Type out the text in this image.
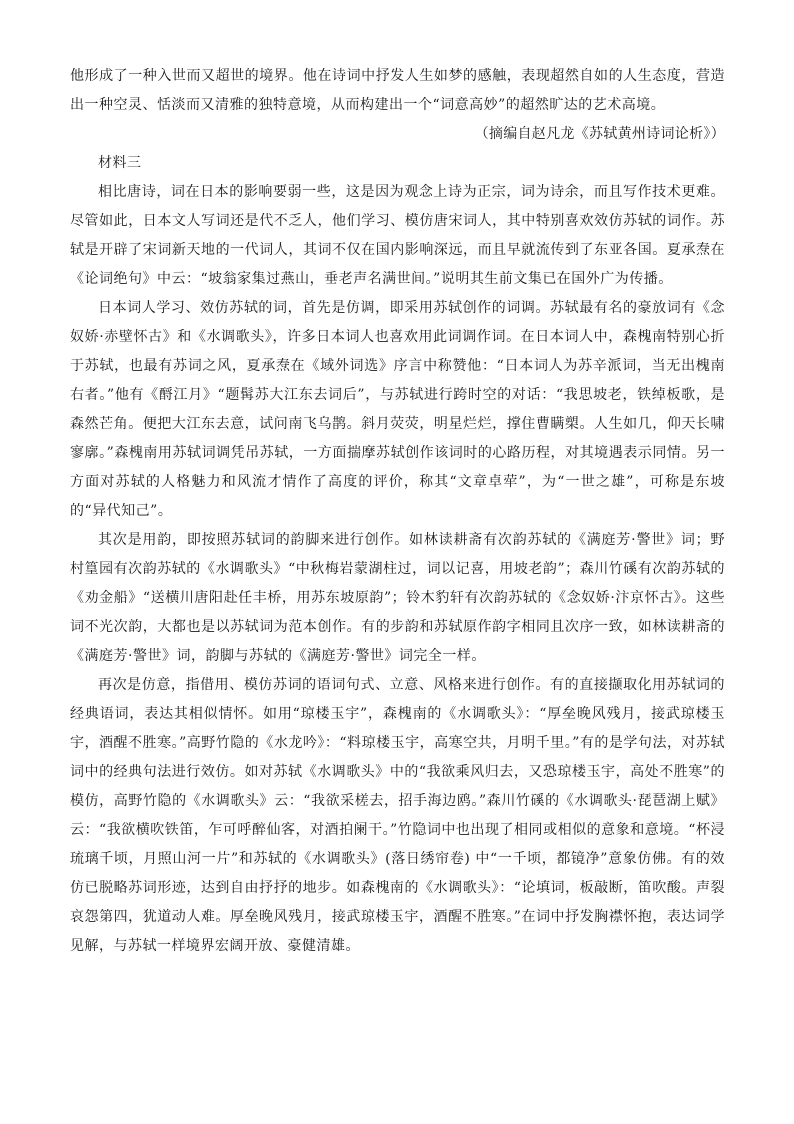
他形成了一种入世而又超世的境界。他在诗词中抒发人生如梦的感触，表现超然自如的人生态度，营造出一种空灵、恬淡而又清雅的独特意境，从而构建出一个“词意高妙”的超然旷达的艺术高境。

（摘编自赵凡龙《苏轼黄州诗词论析》）

材料三

相比唐诗，词在日本的影响要弱一些，这是因为观念上诗为正宗，词为诗余，而且写作技术更难。尽管如此，日本文人写词还是代不乏人，他们学习、模仿唐宋词人，其中特别喜欢效仿苏轼的词作。苏轼是开辟了宋词新天地的一代词人，其词不仅在国内影响深远，而且早就流传到了东亚各国。夏承焘在《论词绝句》中云：“坡翁家集过燕山，垂老声名满世间。”说明其生前文集已在国外广为传播。

日本词人学习、效仿苏轼的词，首先是仿调，即采用苏轼创作的词调。苏轼最有名的豪放词有《念奴娇·赤壁怀古》和《水调歌头》，许多日本词人也喜欢用此词调作词。在日本词人中，森槐南特别心折于苏轼，也最有苏词之风，夏承焘在《域外词选》序言中称赞他：“日本词人为苏辛派词，当无出槐南右者。”他有《酹江月》“题髯苏大江东去词后”，与苏轼进行跨时空的对话：“我思坡老，铁绰板歌，是森然芒角。便把大江东去意，试问南飞乌鹊。斜月荧荧，明星烂烂，撑住曹瞒槊。人生如几，仰天长啸寥廓。”森槐南用苏轼词调凭吊苏轼，一方面揣摩苏轼创作该词时的心路历程，对其境遇表示同情。另一方面对苏轼的人格魅力和风流才情作了高度的评价，称其“文章卓荦”，为“一世之雄”，可称是东坡的“异代知己”。

其次是用韵，即按照苏轼词的韵脚来进行创作。如林读耕斋有次韵苏轼的《满庭芳·警世》词；野村篁园有次韵苏轼的《水调歌头》“中秋梅岩蒙湖柱过，词以记喜，用坡老韵”；森川竹磎有次韵苏轼的《劝金船》“送横川唐阳赴任丰桥，用苏东坡原韵”；铃木豹轩有次韵苏轼的《念奴娇·汴京怀古》。这些词不光次韵，大都也是以苏轼词为范本创作。有的步韵和苏轼原作韵字相同且次序一致，如林读耕斋的《满庭芳·警世》词，韵脚与苏轼的《满庭芳·警世》词完全一样。

再次是仿意，指借用、模仿苏词的语词句式、立意、风格来进行创作。有的直接撷取化用苏轼词的经典语词，表达其相似情怀。如用“琼楼玉宇”，森槐南的《水调歌头》：“厚垒晚风残月，接武琼楼玉宇，酒醒不胜寒。”高野竹隐的《水龙吟》：“料琼楼玉宇，高寒空共，月明千里。”有的是学句法，对苏轼词中的经典句法进行效仿。如对苏轼《水调歌头》中的“我欲乘风归去，又恐琼楼玉宇，高处不胜寒”的模仿，高野竹隐的《水调歌头》云：“我欲采槎去，招手海边鸥。”森川竹磎的《水调歌头·琵琶湖上赋》云：“我欲横吹铁笛，乍可呼醉仙客，对酒拍阑干。”竹隐词中也出现了相同或相似的意象和意境。“杯浸琉璃千顷，月照山河一片”和苏轼的《水调歌头》(落日绣帘卷) 中“一千顷，都镜净”意象仿佛。有的效仿已脱略苏词形迹，达到自由抒抒的地步。如森槐南的《水调歌头》：“论填词，板敲断，笛吹酸。声裂哀怨第四，犹道动人难。厚垒晚风残月，接武琼楼玉宇，酒醒不胜寒。”在词中抒发胸襟怀抱，表达词学见解，与苏轼一样境界宏阔开放、豪健清雄。
